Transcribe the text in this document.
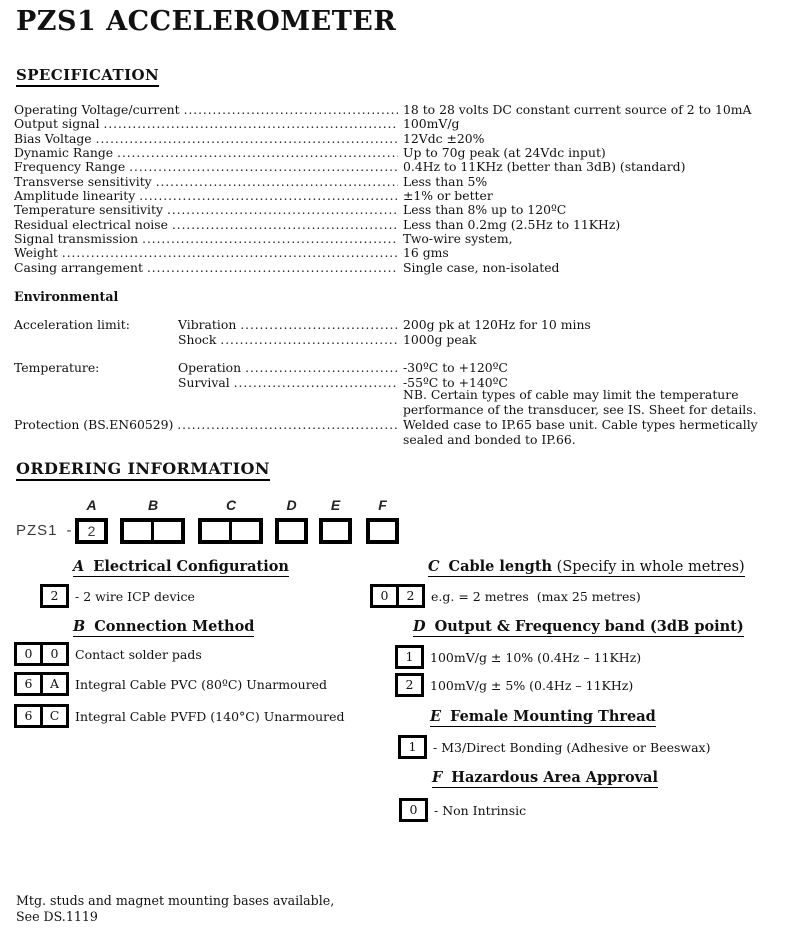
PZS1 ACCELEROMETER
SPECIFICATION
Operating Voltage/current .....	18 to 28 volts DC constant current source of 2 to 10mA
Output signal .....	100mV/g
Bias Voltage .....	12Vdc ±20%
Dynamic Range .....	Up to 70g peak (at 24Vdc input)
Frequency Range .....	0.4Hz to 11KHz (better than 3dB) (standard)
Transverse sensitivity .....	Less than 5%
Amplitude linearity .....	±1% or better
Temperature sensitivity .....	Less than 8% up to 120ºC
Residual electrical noise .....	Less than 0.2mg (2.5Hz to 11KHz)
Signal transmission .....	Two-wire system,
Weight .....	16 gms
Casing arrangement .....	Single case, non-isolated
Environmental
Acceleration limit:	Vibration .....	200g pk at 120Hz for 10 mins
Shock .....	1000g peak
Temperature:	Operation .....	-30ºC to +120ºC
Survival .....	-55ºC to +140ºC
NB. Certain types of cable may limit the temperature
performance of the transducer, see IS. Sheet for details.
Protection (BS.EN60529) .....	Welded case to IP.65 base unit. Cable types hermetically sealed and bonded to IP.66.
ORDERING INFORMATION
PZS1 -
A	B	C	D	E	F
2
A Electrical Configuration
2	- 2 wire ICP device
B Connection Method
0	0	Contact solder pads
6	A	Integral Cable PVC (80ºC) Unarmoured
6	C	Integral Cable PVFD (140°C) Unarmoured
C Cable length (Specify in whole metres)
0	2	e.g. = 2 metres  (max 25 metres)
D Output & Frequency band (3dB point)
1	100mV/g ± 10% (0.4Hz – 11KHz)
2	100mV/g ± 5% (0.4Hz – 11KHz)
E Female Mounting Thread
1	- M3/Direct Bonding (Adhesive or Beeswax)
F Hazardous Area Approval
0	- Non Intrinsic
Mtg. studs and magnet mounting bases available,
See DS.1119
